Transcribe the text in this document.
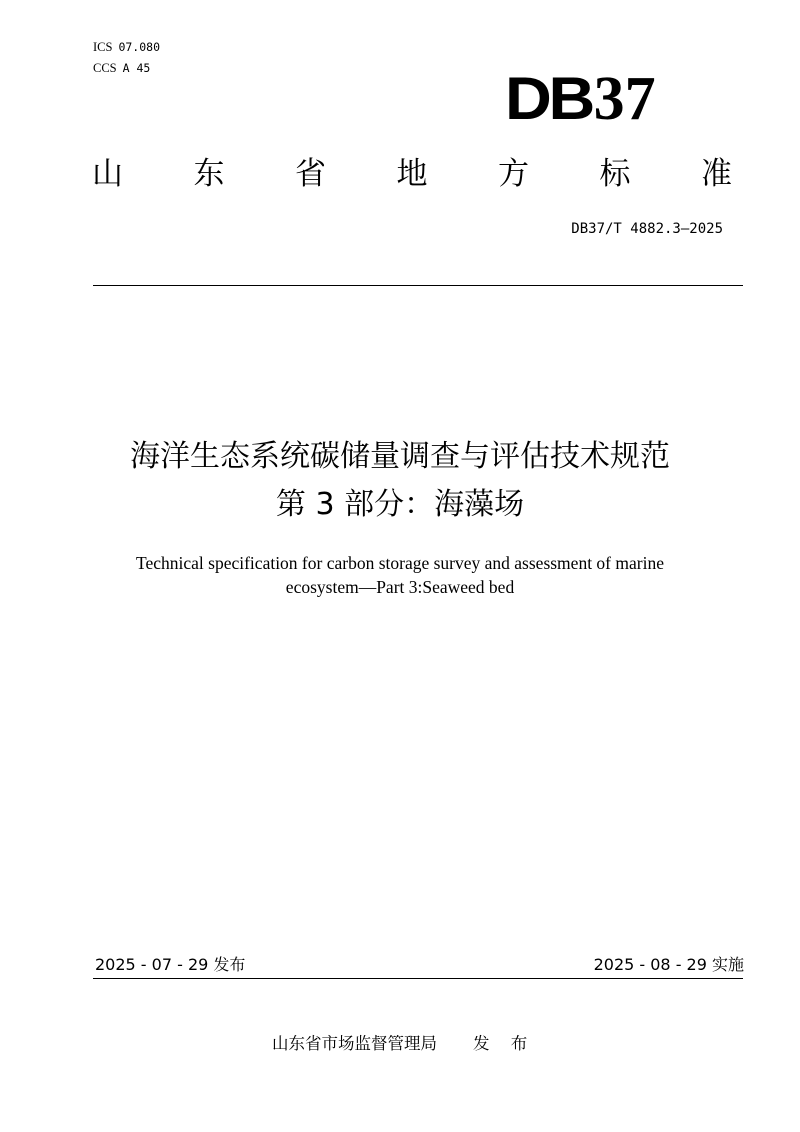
ICS 07.080
CCS A 45	DB37
山 东 省 地 方 标 准
DB37/T 4882.3—2025
海洋生态系统碳储量调查与评估技术规范
第 3 部分：海藻场
Technical specification for carbon storage survey and assessment of marine
ecosystem—Part 3:Seaweed bed
2025 - 07 - 29 发布	2025 - 08 - 29 实施
山东省市场监督管理局 发 布
